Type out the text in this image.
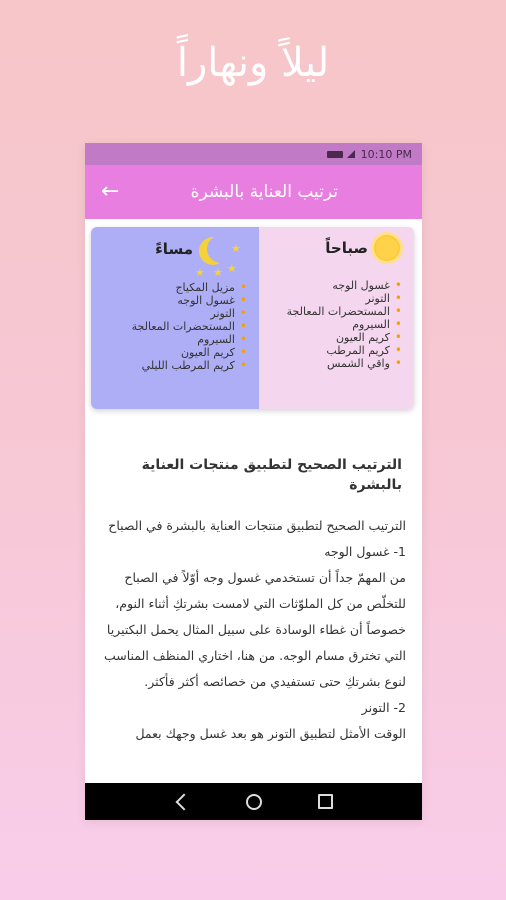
ليلاً ونهاراً
10:10 PM
←	ترتيب العناية بالبشرة
مساءً	★
★ ★ ★
• مزيل المكياج
• غسول الوجه
• التونر
• المستحضرات المعالجة
• السيروم
• كريم العيون
• كريم المرطب الليلي
صباحاً
• غسول الوجه
• التونر
• المستحضرات المعالجة
• السيروم
• كريم العيون
• كريم المرطب
• واقي الشمس
الترتيب الصحيح لتطبيق منتجات العناية بالبشرة

الترتيب الصحيح لتطبيق منتجات العناية بالبشرة في الصباح

1- غسول الوجه

من المهمّ جداً أن تستخدمي غسول وجه أوّلاً في الصباح للتخلّص من كل الملوّثات التي لامست بشرتكِ أثناء النوم، خصوصاً أن غطاء الوسادة على سبيل المثال يحمل البكتيريا التي تخترق مسام الوجه. من هنا، اختاري المنظف المناسب لنوع بشرتكِ حتى تستفيدي من خصائصه أكثر فأكثر.

2- التونر

الوقت الأمثل لتطبيق التونر هو بعد غسل وجهك بعمل
